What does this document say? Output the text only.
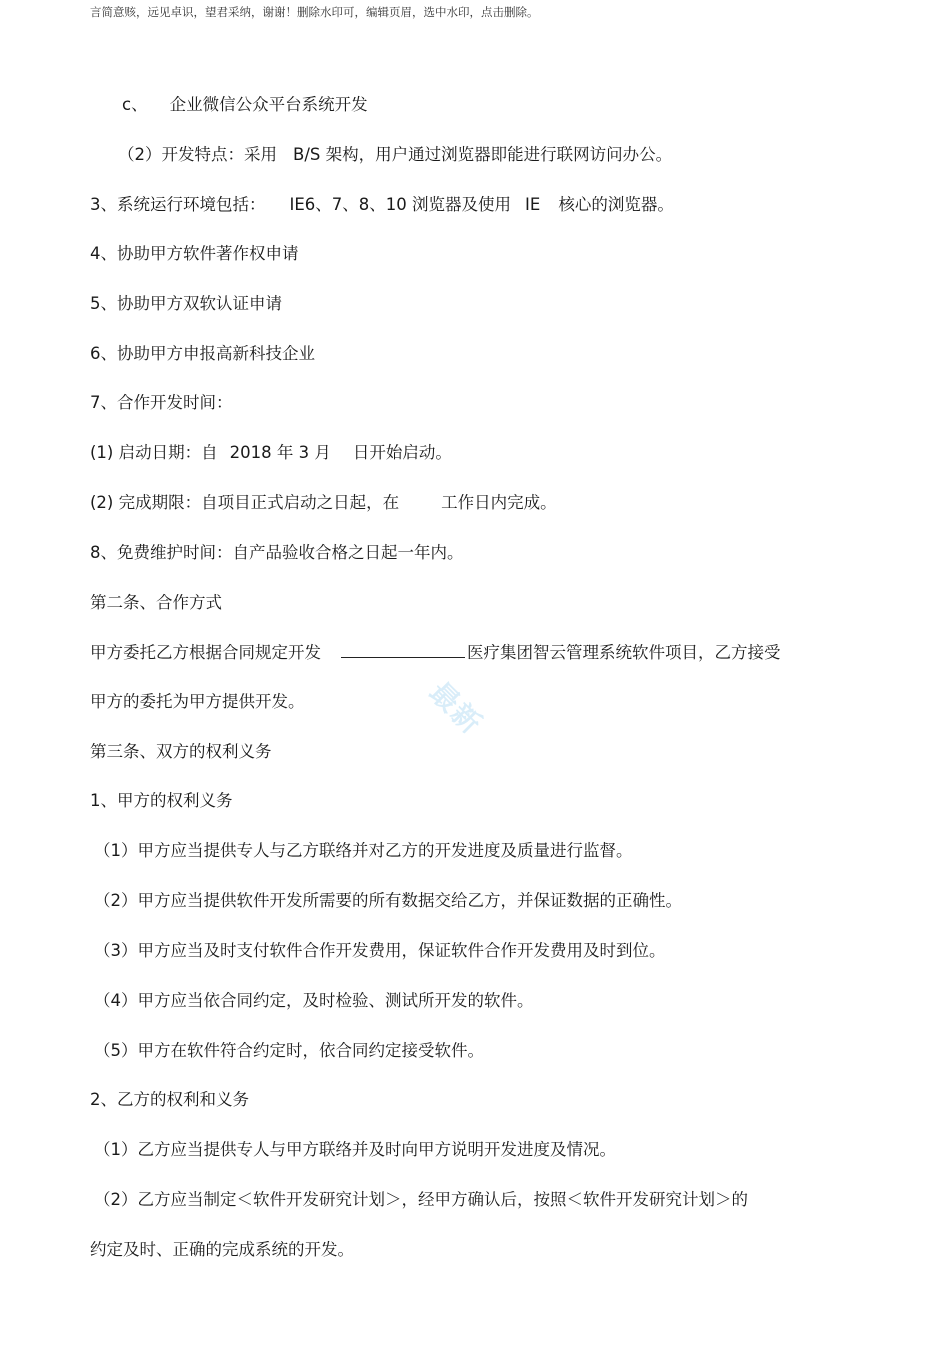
言简意赅，远见卓识，望君采纳，谢谢！删除水印可，编辑页眉，选中水印，点击删除。
最新
c、 企业微信公众平台系统开发
（2）开发特点：采用 B/S 架构，用户通过浏览器即能进行联网访问办公。
3、系统运行环境包括： IE6、7、8、10 浏览器及使用 IE 核心的浏览器。
4、协助甲方软件著作权申请
5、协助甲方双软认证申请
6、协助甲方申报高新科技企业
7、合作开发时间：
(1) 启动日期：自 2018 年 3 月 日开始启动。
(2) 完成期限：自项目正式启动之日起，在	工作日内完成。
8、免费维护时间：自产品验收合格之日起一年内。
第二条、合作方式
甲方委托乙方根据合同规定开发	医疗集团智云管理系统软件项目，乙方接受
甲方的委托为甲方提供开发。
第三条、双方的权利义务
1、甲方的权利义务
（1）甲方应当提供专人与乙方联络并对乙方的开发进度及质量进行监督。
（2）甲方应当提供软件开发所需要的所有数据交给乙方，并保证数据的正确性。
（3）甲方应当及时支付软件合作开发费用，保证软件合作开发费用及时到位。
（4）甲方应当依合同约定，及时检验、测试所开发的软件。
（5）甲方在软件符合约定时，依合同约定接受软件。
2、乙方的权利和义务
（1）乙方应当提供专人与甲方联络并及时向甲方说明开发进度及情况。
（2）乙方应当制定＜软件开发研究计划＞，经甲方确认后，按照＜软件开发研究计划＞的
约定及时、正确的完成系统的开发。
